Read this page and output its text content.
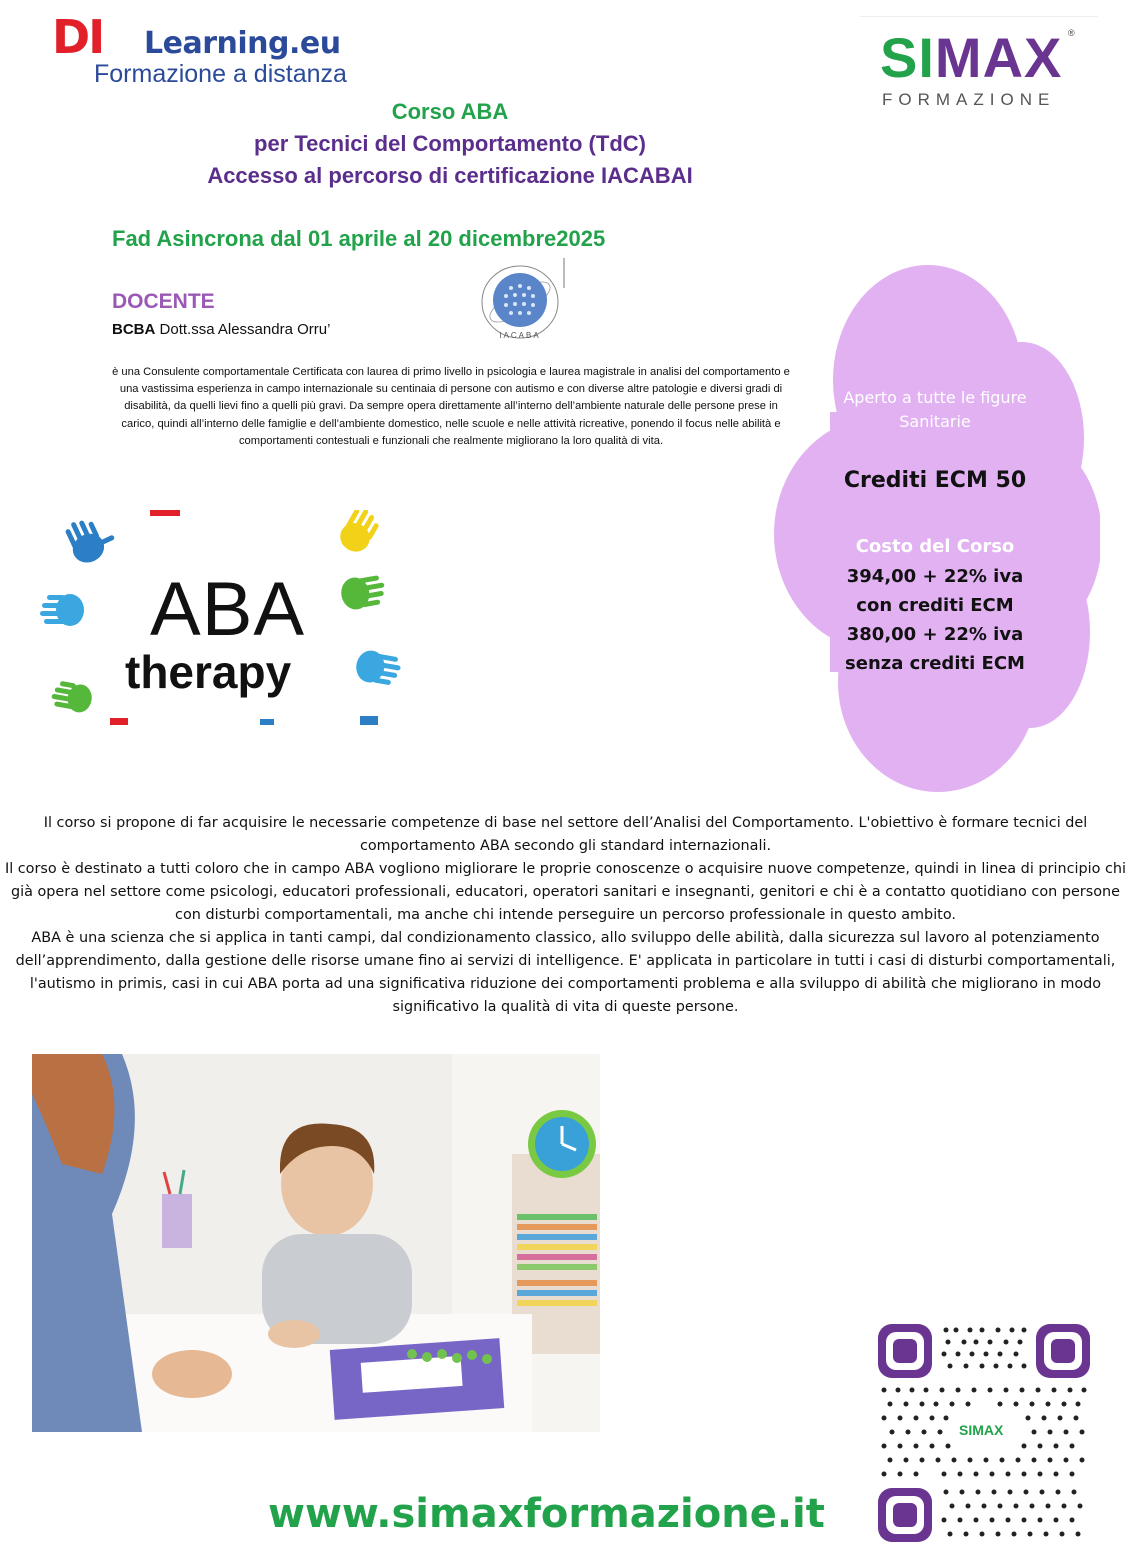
DI Learning.eu
Formazione a distanza	SIMAX ®
FORMAZIONE
Corso ABA
per Tecnici del Comportamento (TdC)
Accesso al percorso di certificazione IACABAI
Fad Asincrona dal 01 aprile al 20 dicembre2025
DOCENTE
BCBA Dott.ssa Alessandra Orru’	IACABA
è una Consulente comportamentale Certificata con laurea di primo livello in psicologia e laurea magistrale in analisi del comportamento e una vastissima esperienza in campo internazionale su centinaia di persone con autismo e con diverse altre patologie e diversi gradi di disabilità, da quelli lievi fino a quelli più gravi. Da sempre opera direttamente all’interno dell’ambiente naturale delle persone prese in carico, quindi all’interno delle famiglie e dell’ambiente domestico, nelle scuole e nelle attività ricreative, ponendo il focus nelle abilità e comportamenti contestuali e funzionali che realmente migliorano la loro qualità di vita.
Aperto a tutte le figure Sanitarie
Crediti ECM 50
Costo del Corso
394,00 + 22% iva
con crediti ECM
380,00 + 22% iva
senza crediti ECM
ABA
therapy

Il corso si propone di far acquisire le necessarie competenze di base nel settore dell’Analisi del Comportamento. L'obiettivo è formare tecnici del comportamento ABA secondo gli standard internazionali.

Il corso è destinato a tutti coloro che in campo ABA vogliono migliorare le proprie conoscenze o acquisire nuove competenze, quindi in linea di principio chi già opera nel settore come psicologi, educatori professionali, educatori, operatori sanitari e insegnanti, genitori e chi è a contatto quotidiano con persone con disturbi comportamentali, ma anche chi intende perseguire un percorso professionale in questo ambito.

ABA è una scienza che si applica in tanti campi, dal condizionamento classico, allo sviluppo delle abilità, dalla sicurezza sul lavoro al potenziamento dell’apprendimento, dalla gestione delle risorse umane fino ai servizi di intelligence. E' applicata in particolare in tutti i casi di disturbi comportamentali, l'autismo in primis, casi in cui ABA porta ad una significativa riduzione dei comportamenti problema e alla sviluppo di abilità che migliorano in modo significativo la qualità di vita di queste persone.

www.simaxformazione.it
SIMAX
